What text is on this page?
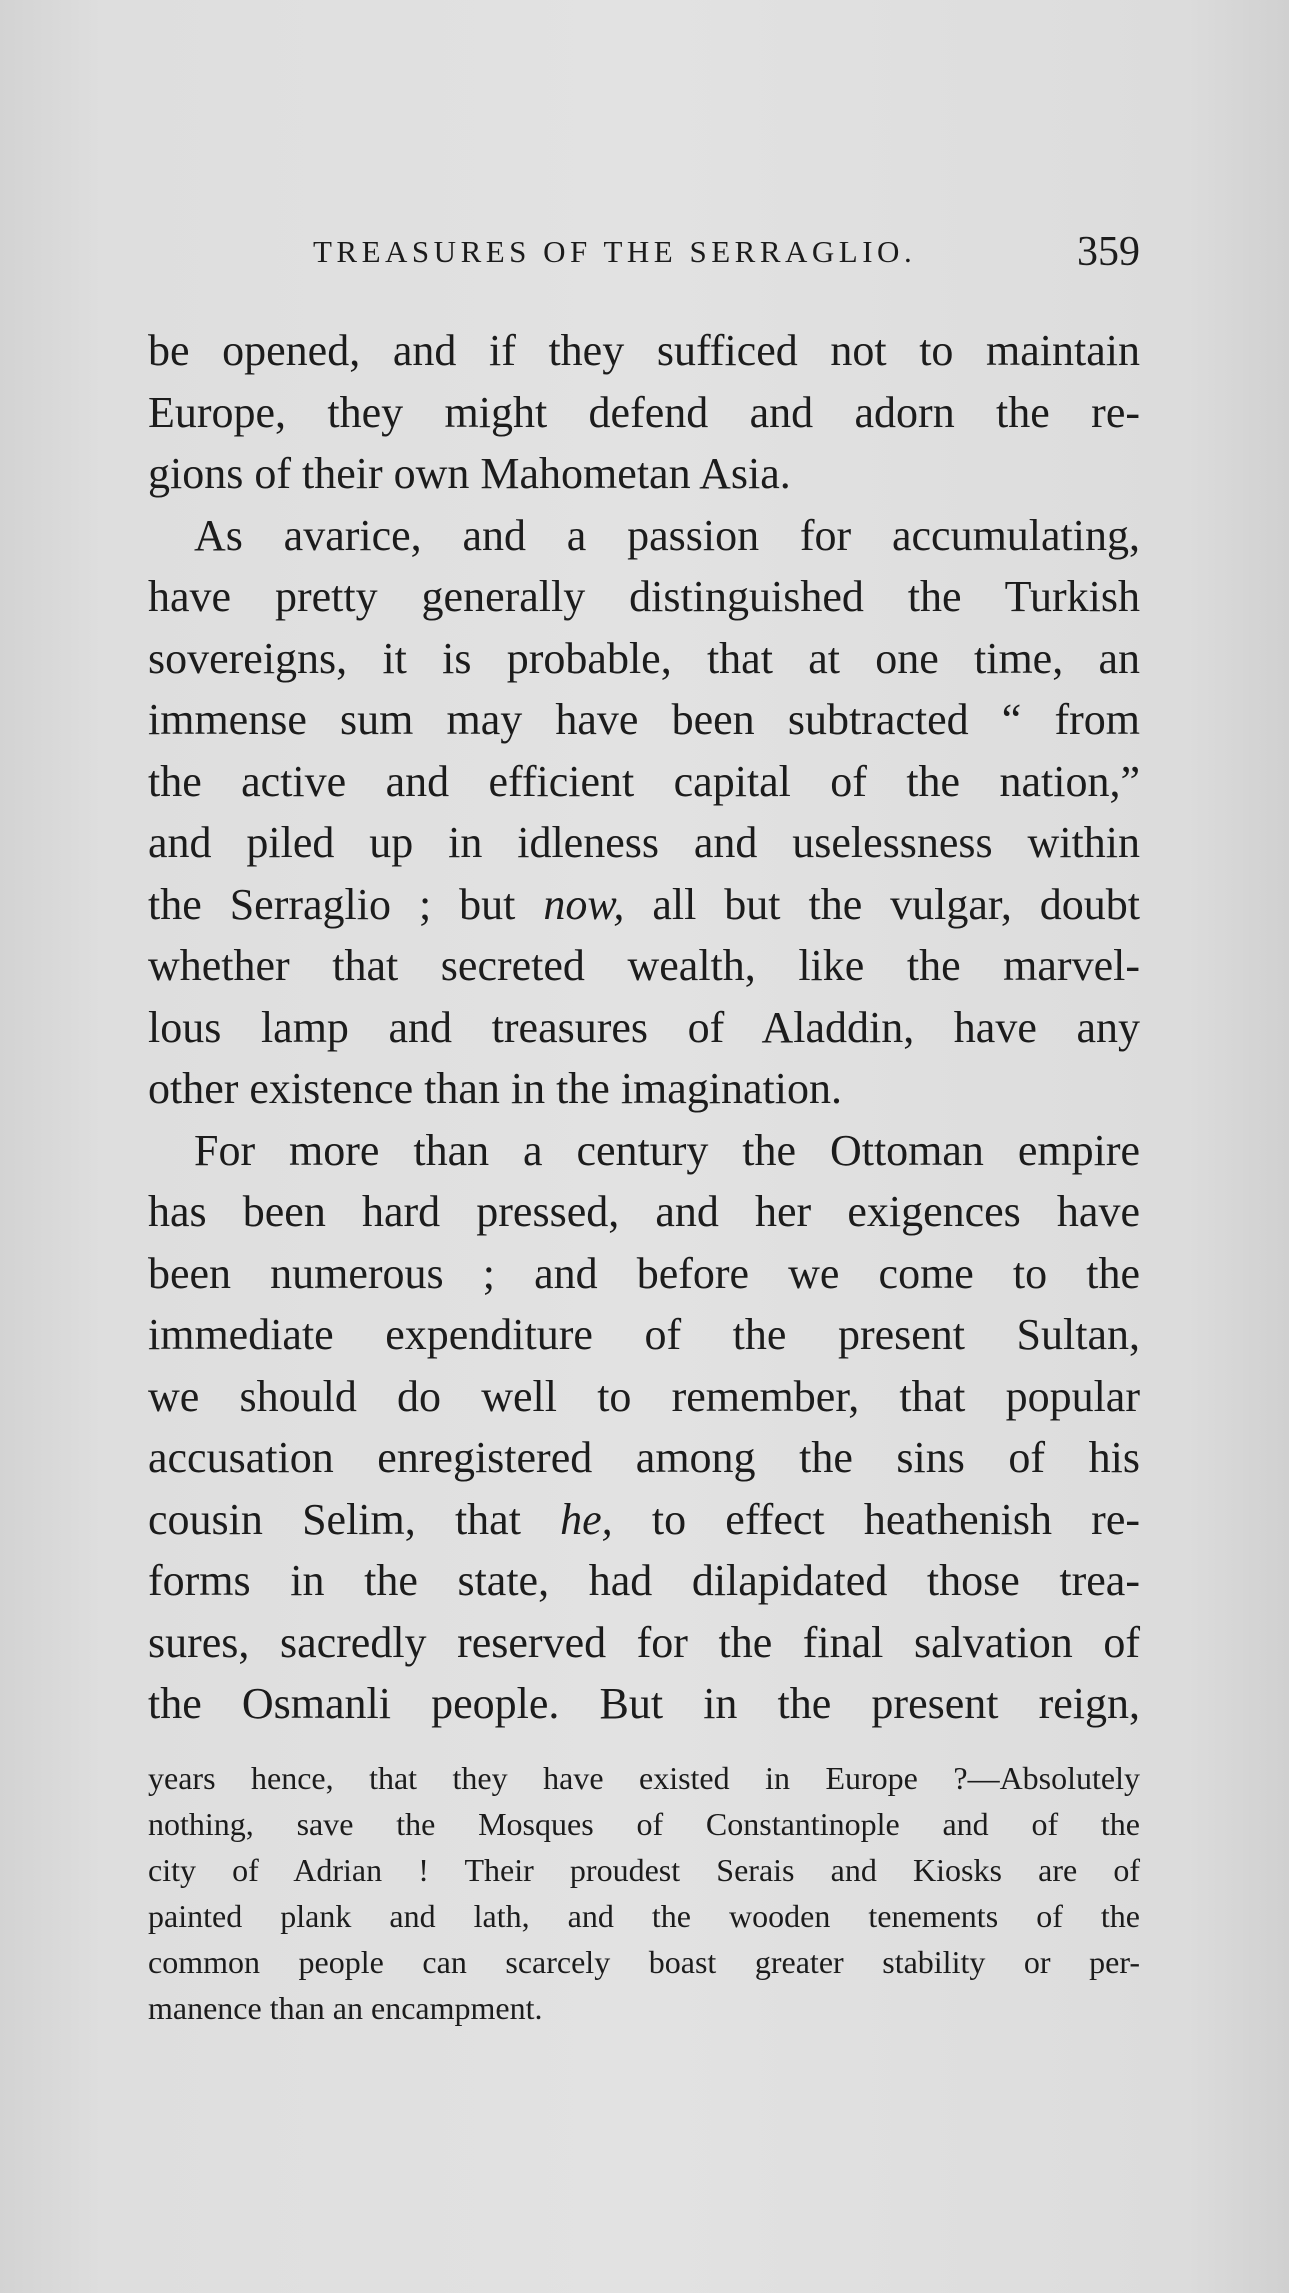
TREASURES OF THE SERRAGLIO.	359
be opened, and if they sufficed not to maintain
Europe, they might defend and adorn the re-
gions of their own Mahometan Asia.
As avarice, and a passion for accumulating,
have pretty generally distinguished the Turkish
sovereigns, it is probable, that at one time, an
immense sum may have been subtracted “ from
the active and efficient capital of the nation,”
and piled up in idleness and uselessness within
the Serraglio ; but now, all but the vulgar, doubt
whether that secreted wealth, like the marvel-
lous lamp and treasures of Aladdin, have any
other existence than in the imagination.
For more than a century the Ottoman empire
has been hard pressed, and her exigences have
been numerous ; and before we come to the
immediate expenditure of the present Sultan,
we should do well to remember, that popular
accusation enregistered among the sins of his
cousin Selim, that he, to effect heathenish re-
forms in the state, had dilapidated those trea-
sures, sacredly reserved for the final salvation of
the Osmanli people. But in the present reign,
years hence, that they have existed in Europe ?—Absolutely
nothing, save the Mosques of Constantinople and of the
city of Adrian ! Their proudest Serais and Kiosks are of
painted plank and lath, and the wooden tenements of the
common people can scarcely boast greater stability or per-
manence than an encampment.
